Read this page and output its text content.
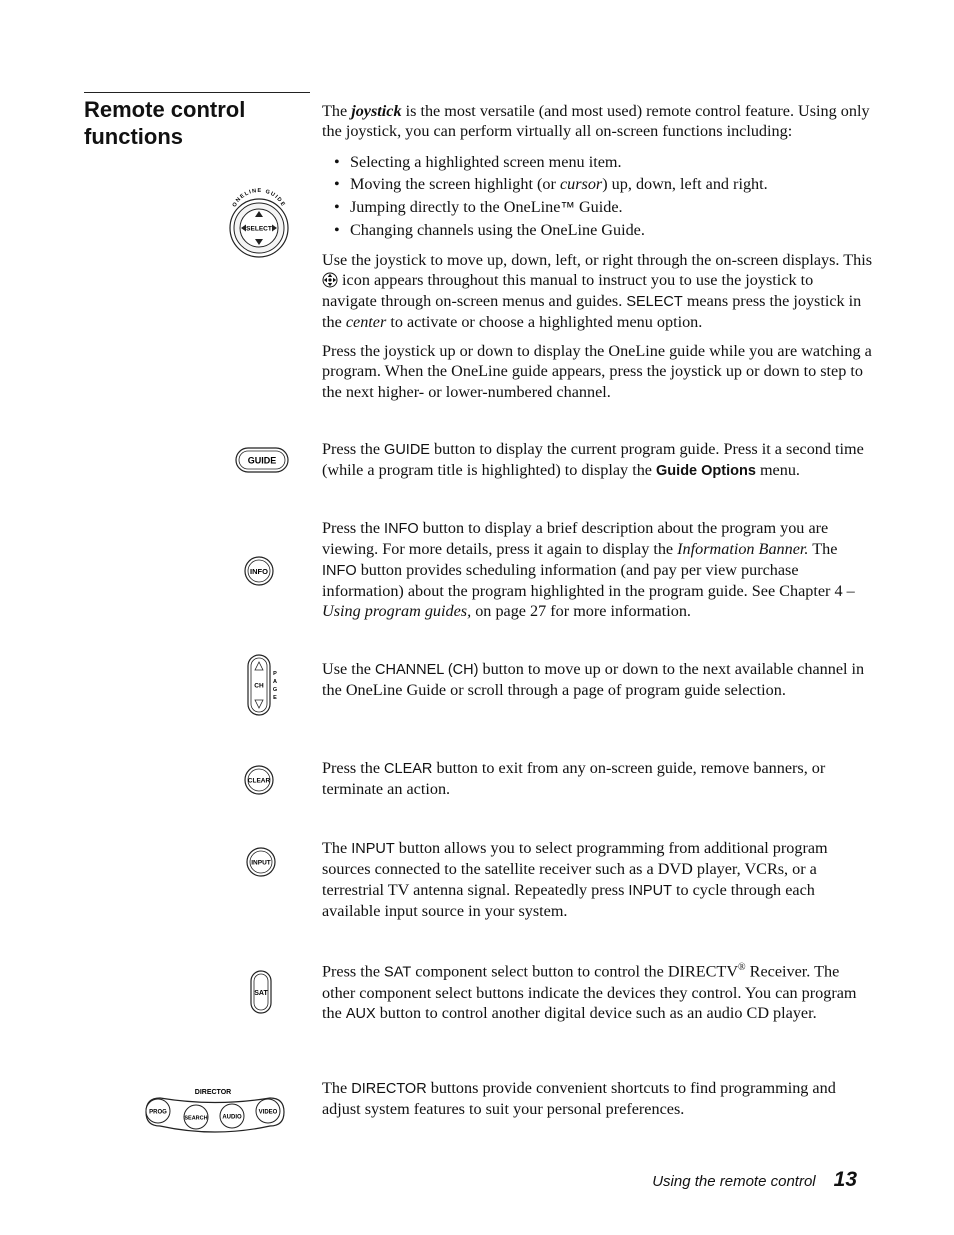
Remote control functions
ONELINE GUIDE
SELECT
GUIDE
INFO
CH
P
A
G
E
CLEAR
INPUT
SAT
DIRECTOR
PROG
SEARCH AUDIO
VIDEO

The joystick is the most versatile (and most used) remote control feature. Using only the joystick, you can perform virtually all on-screen functions including:

• Selecting a highlighted screen menu item.
• Moving the screen highlight (or cursor) up, down, left and right.
• Jumping directly to the OneLine™ Guide.
• Changing channels using the OneLine Guide.

Use the joystick to move up, down, left, or right through the on-screen displays. This  icon appears throughout this manual to instruct you to use the joystick to navigate through on-screen menus and guides. SELECT means press the joystick in the center to activate or choose a highlighted menu option.

Press the joystick up or down to display the OneLine guide while you are watching a program. When the OneLine guide appears, press the joystick up or down to step to the next higher- or lower-numbered channel.

Press the GUIDE button to display the current program guide. Press it a second time (while a program title is highlighted) to display the Guide Options menu.

Press the INFO button to display a brief description about the program you are viewing. For more details, press it again to display the Information Banner. The INFO button provides scheduling information (and pay per view purchase information) about the program highlighted in the program guide. See Chapter 4 – Using program guides, on page 27 for more information.

Use the CHANNEL (CH) button to move up or down to the next available channel in the OneLine Guide or scroll through a page of program guide selection.

Press the CLEAR button to exit from any on-screen guide, remove banners, or terminate an action.

The INPUT button allows you to select programming from additional program sources connected to the satellite receiver such as a DVD player, VCRs, or a terrestrial TV antenna signal. Repeatedly press INPUT to cycle through each available input source in your system.

Press the SAT component select button to control the DIRECTV® Receiver. The other component select buttons indicate the devices they control. You can program the AUX button to control another digital device such as an audio CD player.

The DIRECTOR buttons provide convenient shortcuts to find programming and adjust system features to suit your personal preferences.

Using the remote control 13
